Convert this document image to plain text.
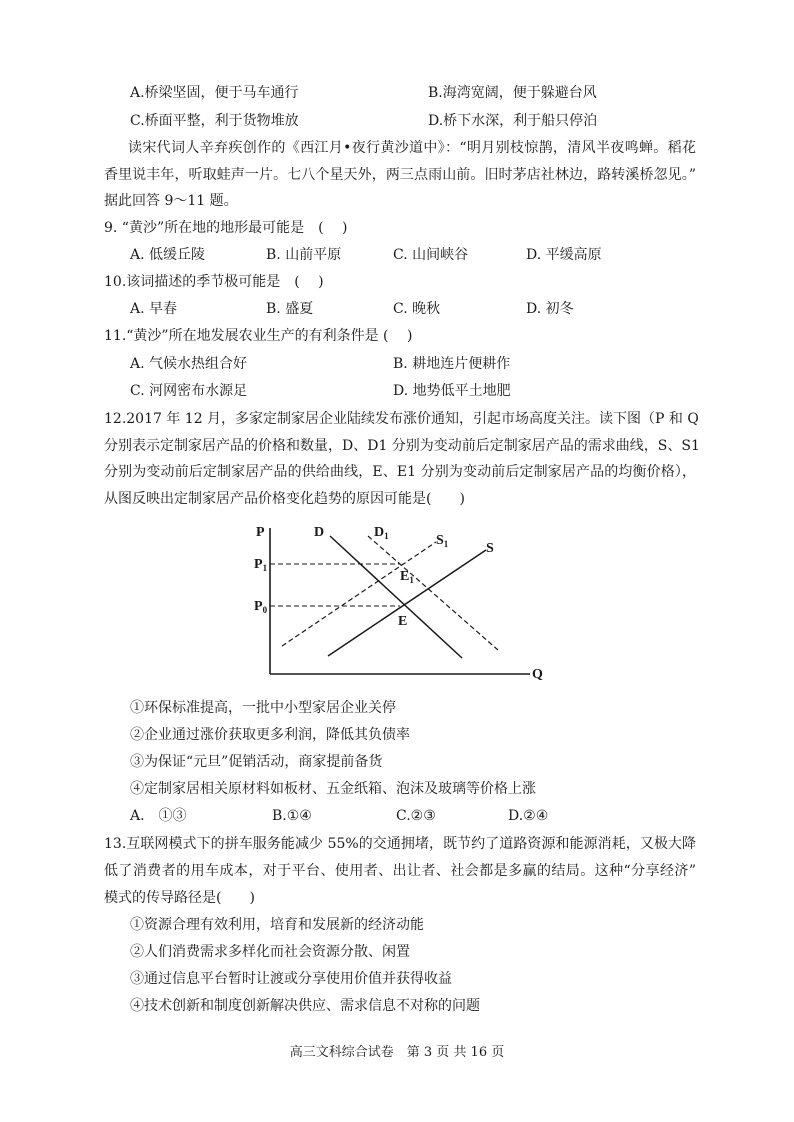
A.桥梁坚固，便于马车通行	B.海湾宽阔，便于躲避台风
C.桥面平整，利于货物堆放	D.桥下水深，利于船只停泊
读宋代词人辛弃疾创作的《西江月•夜行黄沙道中》：“明月别枝惊鹊，清风半夜鸣蝉。稻花
香里说丰年，听取蛙声一片。七八个星天外，两三点雨山前。旧时茅店社林边，路转溪桥忽见。”
据此回答 9～11 题。
9. “黄沙”所在地的地形最可能是　(　 )
A. 低缓丘陵	B. 山前平原	C. 山间峡谷	D. 平缓高原
10.该词描述的季节极可能是　(　 )
A. 早春	B. 盛夏	C. 晚秋	D. 初冬
11.“黄沙”所在地发展农业生产的有利条件是 (　 )
A. 气候水热组合好	B. 耕地连片便耕作
C. 河网密布水源足	D. 地势低平土地肥
12.2017 年 12 月，多家定制家居企业陆续发布涨价通知，引起市场高度关注。读下图（P 和 Q
分别表示定制家居产品的价格和数量，D、D1 分别为变动前后定制家居产品的需求曲线，S、S1
分别为变动前后定制家居产品的供给曲线，E、E1 分别为变动前后定制家居产品的均衡价格），
从图反映出定制家居产品价格变化趋势的原因可能是(　　)
P
Q
$P_1$
$P_0$
D	$D_1$	$S_1$	S
$E_1$
E
①环保标准提高，一批中小型家居企业关停
②企业通过涨价获取更多利润，降低其负债率
③为保证“元旦”促销活动，商家提前备货
④定制家居相关原材料如板材、五金纸箱、泡沫及玻璃等价格上涨
A.　①③	B.①④	C.②③	D.②④
13.互联网模式下的拼车服务能减少 55%的交通拥堵，既节约了道路资源和能源消耗，又极大降
低了消费者的用车成本，对于平台、使用者、出让者、社会都是多赢的结局。这种“分享经济”
模式的传导路径是(　　)
①资源合理有效利用，培育和发展新的经济动能
②人们消费需求多样化而社会资源分散、闲置
③通过信息平台暂时让渡或分享使用价值并获得收益
④技术创新和制度创新解决供应、需求信息不对称的问题
高三文科综合试卷　第 3 页 共 16 页
